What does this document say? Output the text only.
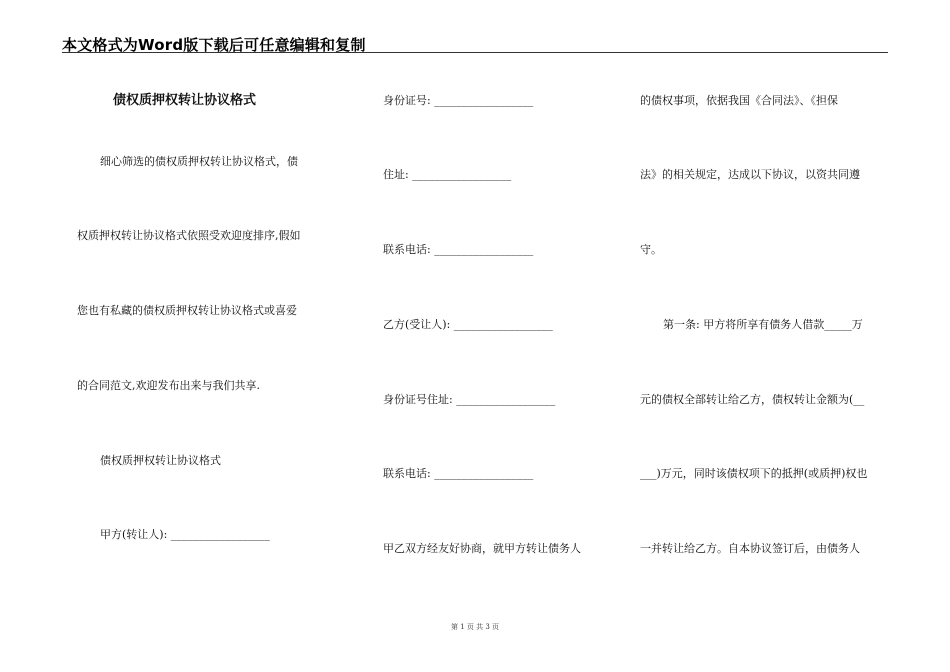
本文格式为Word版下载后可任意编辑和复制
债权质押权转让协议格式
细心筛选的债权质押权转让协议格式，债
权质押权转让协议格式依照受欢迎度排序,假如
您也有私藏的债权质押权转让协议格式或喜爱
的合同范文,欢迎发布出来与我们共享.
债权质押权转让协议格式
甲方(转让人): __________________
身份证号: __________________
住址: __________________
联系电话: __________________
乙方(受让人): __________________
身份证号住址: __________________
联系电话: __________________
甲乙双方经友好协商，就甲方转让债务人
的债权事项，依据我国《合同法》、《担保
法》的相关规定，达成以下协议，以资共同遵
守。
第一条: 甲方将所享有债务人借款_____万
元的债权全部转让给乙方，债权转让金额为(__
___)万元，同时该债权项下的抵押(或质押)权也
一并转让给乙方。自本协议签订后，由债务人
第 1 页 共 3 页
